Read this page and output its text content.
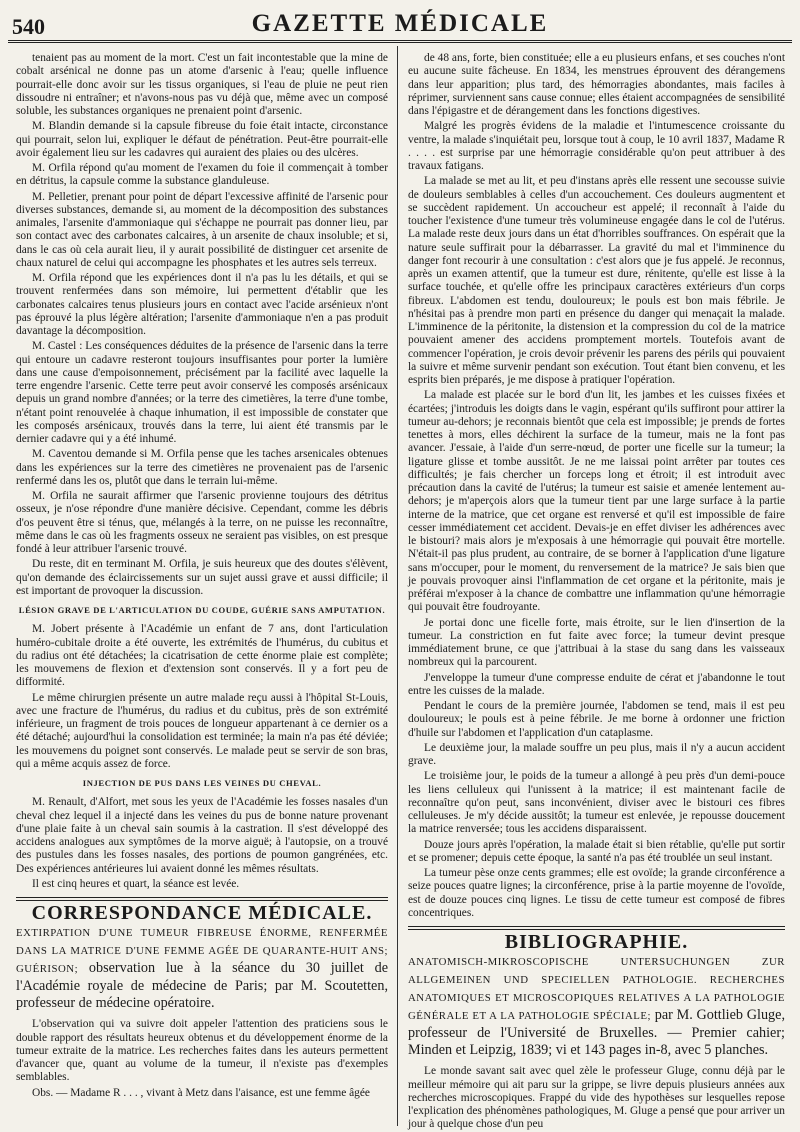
540	GAZETTE MÉDICALE

tenaient pas au moment de la mort. C'est un fait incontestable que la mine de cobalt arsénical ne donne pas un atome d'arsenic à l'eau; quelle influence pourrait-elle donc avoir sur les tissus organiques, si l'eau de pluie ne peut rien dissoudre ni entraîner; et n'avons-nous pas vu déjà que, même avec un composé soluble, les substances organiques ne prenaient point d'arsenic.

M. Blandin demande si la capsule fibreuse du foie était intacte, circonstance qui pourrait, selon lui, expliquer le défaut de pénétration. Peut-être pourrait-elle avoir également lieu sur les cadavres qui auraient des plaies ou des ulcères.

M. Orfila répond qu'au moment de l'examen du foie il commençait à tomber en détritus, la capsule comme la substance glanduleuse.

M. Pelletier, prenant pour point de départ l'excessive affinité de l'arsenic pour diverses substances, demande si, au moment de la décomposition des substances animales, l'arsenite d'ammoniaque qui s'échappe ne pourrait pas donner lieu, par son contact avec des carbonates calcaires, à un arsenite de chaux insoluble; et si, dans le cas où cela aurait lieu, il y aurait possibilité de distinguer cet arsenite de chaux naturel de celui qui accompagne les phosphates et les autres sels terreux.

M. Orfila répond que les expériences dont il n'a pas lu les détails, et qui se trouvent renfermées dans son mémoire, lui permettent d'établir que les carbonates calcaires tenus plusieurs jours en contact avec l'acide arsénieux n'ont pas éprouvé la plus légère altération; l'arsenite d'ammoniaque n'en a pas produit davantage la décomposition.

M. Castel : Les conséquences déduites de la présence de l'arsenic dans la terre qui entoure un cadavre resteront toujours insuffisantes pour porter la lumière dans une cause d'empoisonnement, précisément par la facilité avec laquelle la terre engendre l'arsenic. Cette terre peut avoir conservé les composés arsénicaux depuis un grand nombre d'années; or la terre des cimetières, la terre d'une tombe, n'étant point renouvelée à chaque inhumation, il est impossible de constater que les composés arsénicaux, trouvés dans la terre, lui aient été transmis par le dernier cadavre qui y a été inhumé.

M. Caventou demande si M. Orfila pense que les taches arsenicales obtenues dans les expériences sur la terre des cimetières ne provenaient pas de l'arsenic renfermé dans les os, plutôt que dans le terrain lui-même.

M. Orfila ne saurait affirmer que l'arsenic provienne toujours des détritus osseux, je n'ose répondre d'une manière décisive. Cependant, comme les débris d'os peuvent être si ténus, que, mélangés à la terre, on ne puisse les reconnaître, même dans le cas où les fragments osseux ne seraient pas visibles, on est presque fondé à leur attribuer l'arsenic trouvé.

Du reste, dit en terminant M. Orfila, je suis heureux que des doutes s'élèvent, qu'on demande des éclaircissements sur un sujet aussi grave et aussi difficile; il est important de provoquer la discussion.

LÉSION GRAVE DE L'ARTICULATION DU COUDE, GUÉRIE SANS AMPUTATION.

M. Jobert présente à l'Académie un enfant de 7 ans, dont l'articulation huméro-cubitale droite a été ouverte, les extrémités de l'humérus, du cubitus et du radius ont été détachées; la cicatrisation de cette énorme plaie est complète; les mouvemens de flexion et d'extension sont conservés. Il y a fort peu de difformité.

Le même chirurgien présente un autre malade reçu aussi à l'hôpital St-Louis, avec une fracture de l'humérus, du radius et du cubitus, près de son extrémité inférieure, un fragment de trois pouces de longueur appartenant à ce dernier os a été détaché; aujourd'hui la consolidation est terminée; la main n'a pas été déviée; les mouvemens du poignet sont conservés. Le malade peut se servir de son bras, qui a même acquis assez de force.

INJECTION DE PUS DANS LES VEINES DU CHEVAL.

M. Renault, d'Alfort, met sous les yeux de l'Académie les fosses nasales d'un cheval chez lequel il a injecté dans les veines du pus de bonne nature provenant d'une plaie faite à un cheval sain soumis à la castration. Il s'est développé des accidens analogues aux symptômes de la morve aiguë; à l'autopsie, on a trouvé des pustules dans les fosses nasales, des portions de poumon gangrénées, etc. Des expériences antérieures lui avaient donné les mêmes résultats.

Il est cinq heures et quart, la séance est levée.

CORRESPONDANCE MÉDICALE.
EXTIRPATION D'UNE TUMEUR FIBREUSE ÉNORME, RENFERMÉE DANS LA MATRICE D'UNE FEMME AGÉE DE QUARANTE-HUIT ANS; GUÉRISON; observation lue à la séance du 30 juillet de l'Académie royale de médecine de Paris; par M. Scoutetten, professeur de médecine opératoire.

L'observation qui va suivre doit appeler l'attention des praticiens sous le double rapport des résultats heureux obtenus et du développement énorme de la tumeur extraite de la matrice. Les recherches faites dans les auteurs permettent d'avancer que, quant au volume de la tumeur, il n'existe pas d'exemples semblables.

Obs. — Madame R . . . , vivant à Metz dans l'aisance, est une femme âgée

de 48 ans, forte, bien constituée; elle a eu plusieurs enfans, et ses couches n'ont eu aucune suite fâcheuse. En 1834, les menstrues éprouvent des dérangemens dans leur apparition; plus tard, des hémorragies abondantes, mais faciles à réprimer, surviennent sans cause connue; elles étaient accompagnées de sensibilité dans l'épigastre et de dérangement dans les fonctions digestives.

Malgré les progrès évidens de la maladie et l'intumescence croissante du ventre, la malade s'inquiétait peu, lorsque tout à coup, le 10 avril 1837, Madame R . . . . est surprise par une hémorragie considérable qu'on peut attribuer à des travaux fatigans.

La malade se met au lit, et peu d'instans après elle ressent une secousse suivie de douleurs semblables à celles d'un accouchement. Ces douleurs augmentent et se succèdent rapidement. Un accoucheur est appelé; il reconnaît à l'aide du toucher l'existence d'une tumeur très volumineuse engagée dans le col de l'utérus. La malade reste deux jours dans un état d'horribles souffrances. On espérait que la nature seule suffirait pour la débarrasser. La gravité du mal et l'imminence du danger font recourir à une consultation : c'est alors que je fus appelé. Je reconnus, après un examen attentif, que la tumeur est dure, rénitente, qu'elle est lisse à la surface touchée, et qu'elle offre les principaux caractères extérieurs d'un corps fibreux. L'abdomen est tendu, douloureux; le pouls est bon mais fébrile. Je n'hésitai pas à prendre mon parti en présence du danger qui menaçait la malade. L'imminence de la péritonite, la distension et la compression du col de la matrice pouvaient amener des accidens promptement mortels. Toutefois avant de commencer l'opération, je crois devoir prévenir les parens des périls qui pouvaient la suivre et même survenir pendant son exécution. Tout étant bien convenu, et les esprits bien préparés, je me dispose à pratiquer l'opération.

La malade est placée sur le bord d'un lit, les jambes et les cuisses fixées et écartées; j'introduis les doigts dans le vagin, espérant qu'ils suffiront pour attirer la tumeur au-dehors; je reconnais bientôt que cela est impossible; je prends de fortes tenettes à mors, elles déchirent la surface de la tumeur, mais ne la font pas avancer. J'essaie, à l'aide d'un serre-nœud, de porter une ficelle sur la tumeur; la ligature glisse et tombe aussitôt. Je ne me laissai point arrêter par toutes ces difficultés; je fais chercher un forceps long et étroit; il est introduit avec précaution dans la cavité de l'utérus; la tumeur est saisie et amenée lentement au-dehors; je m'aperçois alors que la tumeur tient par une large surface à la partie interne de la matrice, que cet organe est renversé et qu'il est impossible de faire cesser immédiatement cet accident. Devais-je en effet diviser les adhérences avec le bistouri? mais alors je m'exposais à une hémorragie qui pouvait être mortelle. N'était-il pas plus prudent, au contraire, de se borner à l'application d'une ligature sans m'occuper, pour le moment, du renversement de la matrice? Je sais bien que je pouvais provoquer ainsi l'inflammation de cet organe et la péritonite, mais je préférai m'exposer à la chance de combattre une inflammation qu'une hémorragie qui pouvait être foudroyante.

Je portai donc une ficelle forte, mais étroite, sur le lien d'insertion de la tumeur. La constriction en fut faite avec force; la tumeur devint presque immédiatement brune, ce que j'attribuai à la stase du sang dans les vaisseaux nombreux qui la parcourent.

J'enveloppe la tumeur d'une compresse enduite de cérat et j'abandonne le tout entre les cuisses de la malade.

Pendant le cours de la première journée, l'abdomen se tend, mais il est peu douloureux; le pouls est à peine fébrile. Je me borne à ordonner une friction d'huile sur l'abdomen et l'application d'un cataplasme.

Le deuxième jour, la malade souffre un peu plus, mais il n'y a aucun accident grave.

Le troisième jour, le poids de la tumeur a allongé à peu près d'un demi-pouce les liens celluleux qui l'unissent à la matrice; il est maintenant facile de reconnaître qu'on peut, sans inconvénient, diviser avec le bistouri ces fibres celluleuses. Je m'y décide aussitôt; la tumeur est enlevée, je repousse doucement la matrice renversée; tous les accidens disparaissent.

Douze jours après l'opération, la malade était si bien rétablie, qu'elle put sortir et se promener; depuis cette époque, la santé n'a pas été troublée un seul instant.

La tumeur pèse onze cents grammes; elle est ovoïde; la grande circonférence a seize pouces quatre lignes; la circonférence, prise à la partie moyenne de l'ovoïde, est de douze pouces cinq lignes. Le tissu de cette tumeur est composé de fibres concentriques.

BIBLIOGRAPHIE.
ANATOMISCH-MIKROSCOPISCHE UNTERSUCHUNGEN ZUR ALLGEMEINEN UND SPECIELLEN PATHOLOGIE. RECHERCHES ANATOMIQUES ET MICROSCOPIQUES RELATIVES A LA PATHOLOGIE GÉNÉRALE ET A LA PATHOLOGIE SPÉCIALE; par M. Gottlieb Gluge, professeur de l'Université de Bruxelles. — Premier cahier; Minden et Leipzig, 1839; vi et 143 pages in-8, avec 5 planches.

Le monde savant sait avec quel zèle le professeur Gluge, connu déjà par le meilleur mémoire qui ait paru sur la grippe, se livre depuis plusieurs années aux recherches microscopiques. Frappé du vide des hypothèses sur lesquelles repose l'explication des phénomènes pathologiques, M. Gluge a pensé que pour arriver un jour à quelque chose d'un peu
